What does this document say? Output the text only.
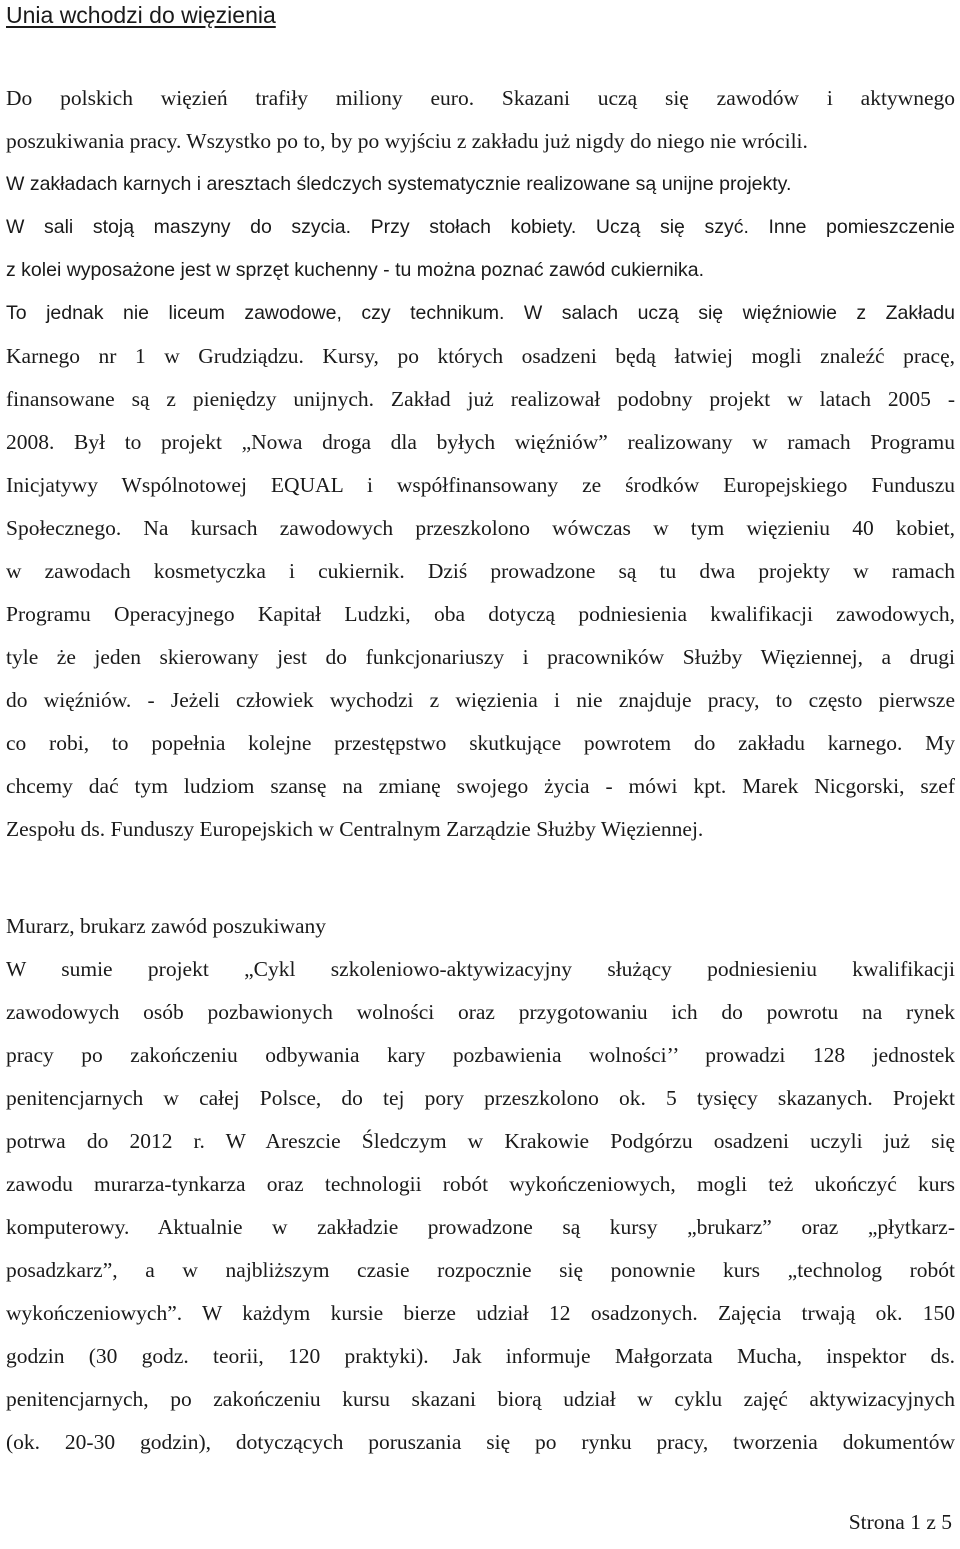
Unia wchodzi do więzienia

Do polskich więzień trafiły miliony euro. Skazani uczą się zawodów i aktywnego

poszukiwania pracy. Wszystko po to, by po wyjściu z zakładu już nigdy do niego nie wrócili.

W zakładach karnych i aresztach śledczych systematycznie realizowane są unijne projekty.

W sali stoją maszyny do szycia. Przy stołach kobiety. Uczą się szyć. Inne pomieszczenie

z kolei wyposażone jest w sprzęt kuchenny - tu można poznać zawód cukiernika.

To jednak nie liceum zawodowe, czy technikum. W salach uczą się więźniowie z Zakładu

Karnego nr 1 w Grudziądzu. Kursy, po których osadzeni będą łatwiej mogli znaleźć pracę,

finansowane są z pieniędzy unijnych. Zakład już realizował podobny projekt w latach 2005 -

2008. Był to projekt „Nowa droga dla byłych więźniów” realizowany w ramach Programu

Inicjatywy Wspólnotowej EQUAL i współfinansowany ze środków Europejskiego Funduszu

Społecznego. Na kursach zawodowych przeszkolono wówczas w tym więzieniu 40 kobiet,

w zawodach kosmetyczka i cukiernik. Dziś prowadzone są tu dwa projekty w ramach

Programu Operacyjnego Kapitał Ludzki, oba dotyczą podniesienia kwalifikacji zawodowych,

tyle że jeden skierowany jest do funkcjonariuszy i pracowników Służby Więziennej, a drugi

do więźniów. - Jeżeli człowiek wychodzi z więzienia i nie znajduje pracy, to często pierwsze

co robi, to popełnia kolejne przestępstwo skutkujące powrotem do zakładu karnego. My

chcemy dać tym ludziom szansę na zmianę swojego życia - mówi kpt. Marek Nicgorski, szef

Zespołu ds. Funduszy Europejskich w Centralnym Zarządzie Służby Więziennej.

Murarz, brukarz zawód poszukiwany

W sumie projekt „Cykl szkoleniowo-aktywizacyjny służący podniesieniu kwalifikacji

zawodowych osób pozbawionych wolności oraz przygotowaniu ich do powrotu na rynek

pracy po zakończeniu odbywania kary pozbawienia wolności’’ prowadzi 128 jednostek

penitencjarnych w całej Polsce, do tej pory przeszkolono ok. 5 tysięcy skazanych. Projekt

potrwa do 2012 r. W Areszcie Śledczym w Krakowie Podgórzu osadzeni uczyli już się

zawodu murarza-tynkarza oraz technologii robót wykończeniowych, mogli też ukończyć kurs

komputerowy. Aktualnie w zakładzie prowadzone są kursy „brukarz” oraz „płytkarz-

posadzkarz”, a w najbliższym czasie rozpocznie się ponownie kurs „technolog robót

wykończeniowych”. W każdym kursie bierze udział 12 osadzonych. Zajęcia trwają ok. 150

godzin (30 godz. teorii, 120 praktyki). Jak informuje Małgorzata Mucha, inspektor ds.

penitencjarnych, po zakończeniu kursu skazani biorą udział w cyklu zajęć aktywizacyjnych

(ok. 20-30 godzin), dotyczących poruszania się po rynku pracy, tworzenia dokumentów

Strona 1 z 5
